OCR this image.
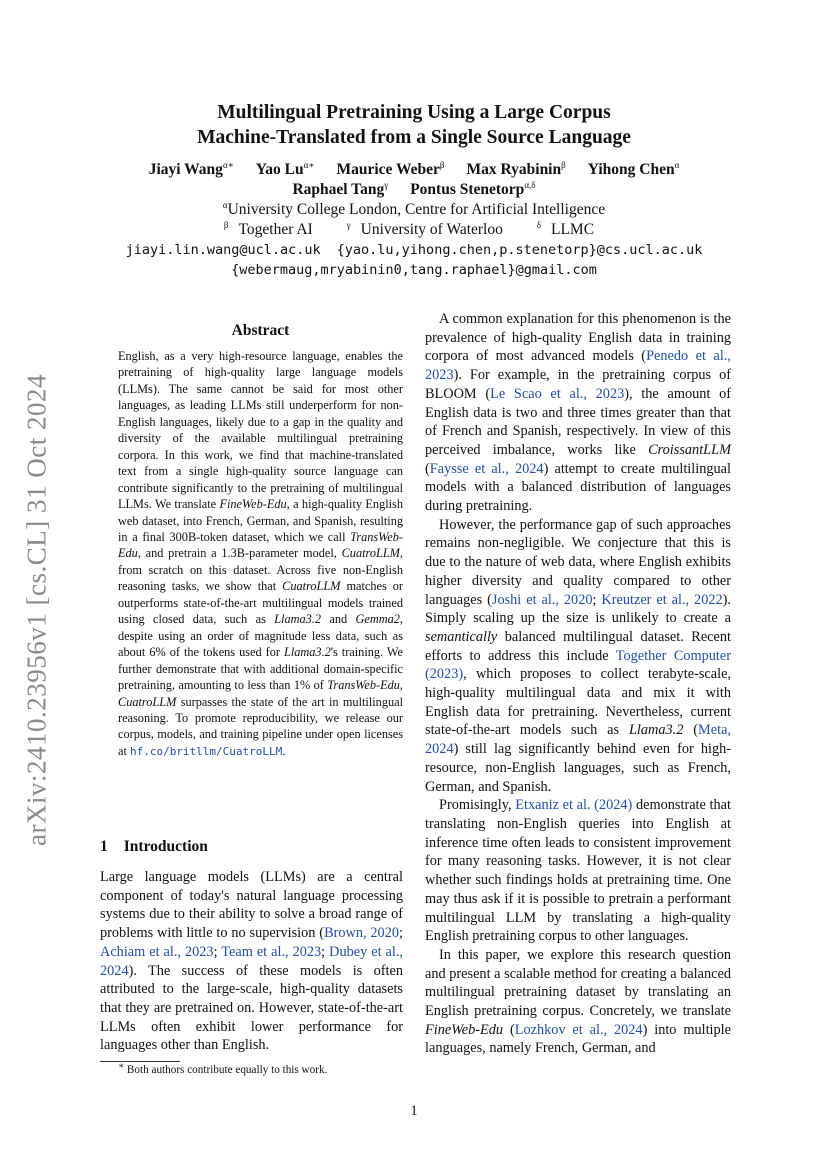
arXiv:2410.23956v1 [cs.CL] 31 Oct 2024
Multilingual Pretraining Using a Large Corpus
Machine-Translated from a Single Source Language
Jiayi Wang$^{\alpha∗}$ Yao $Lu^{\alpha∗}$ Maurice Weber$^\beta$ Max Ryabinin$^\beta$ Yihong Chen$^\alpha$
Raphael Tang$^\gamma$ Pontus Stenetorp$^{\alpha,\delta}$
$^\alpha$University College London, Centre for Artificial Intelligence
$^\beta$ Together AI	$^\gamma$ University of Waterloo	$^\delta$ LLMC
jiayi.lin.wang@ucl.ac.uk {yao.lu,yihong.chen,p.stenetorp}@cs.ucl.ac.uk
{webermaug,mryabinin0,tang.raphael}@gmail.com
Abstract

English, as a very high-resource language, enables the pretraining of high-quality large language models (LLMs). The same cannot be said for most other languages, as leading LLMs still underperform for non-English languages, likely due to a gap in the quality and diversity of the available multilingual pretraining corpora. In this work, we find that machine-translated text from a single high-quality source language can contribute significantly to the pretraining of multilingual LLMs. We translate FineWeb-Edu, a high-quality English web dataset, into French, German, and Spanish, resulting in a final 300B-token dataset, which we call TransWeb-Edu, and pretrain a 1.3B-parameter model, CuatroLLM, from scratch on this dataset. Across five non-English reasoning tasks, we show that CuatroLLM matches or outperforms state-of-the-art multilingual models trained using closed data, such as Llama3.2 and Gemma2, despite using an order of magnitude less data, such as about 6% of the tokens used for Llama3.2's training. We further demonstrate that with additional domain-specific pretraining, amounting to less than 1% of TransWeb-Edu, CuatroLLM surpasses the state of the art in multilingual reasoning. To promote reproducibility, we release our corpus, models, and training pipeline under open licenses at hf.co/britllm/CuatroLLM.

1 Introduction

Large language models (LLMs) are a central component of today's natural language processing systems due to their ability to solve a broad range of problems with little to no supervision (Brown, 2020; Achiam et al., 2023; Team et al., 2023; Dubey et al., 2024). The success of these models is often attributed to the large-scale, high-quality datasets that they are pretrained on. However, state-of-the-art LLMs often exhibit lower performance for languages other than English.

∗ Both authors contribute equally to this work.

A common explanation for this phenomenon is the prevalence of high-quality English data in training corpora of most advanced models (Penedo et al., 2023). For example, in the pretraining corpus of BLOOM (Le Scao et al., 2023), the amount of English data is two and three times greater than that of French and Spanish, respectively. In view of this perceived imbalance, works like CroissantLLM (Faysse et al., 2024) attempt to create multilingual models with a balanced distribution of languages during pretraining.

However, the performance gap of such approaches remains non-negligible. We conjecture that this is due to the nature of web data, where English exhibits higher diversity and quality compared to other languages (Joshi et al., 2020; Kreutzer et al., 2022). Simply scaling up the size is unlikely to create a semantically balanced multilingual dataset. Recent efforts to address this include Together Computer (2023), which proposes to collect terabyte-scale, high-quality multilingual data and mix it with English data for pretraining. Nevertheless, current state-of-the-art models such as Llama3.2 (Meta, 2024) still lag significantly behind even for high-resource, non-English languages, such as French, German, and Spanish.

Promisingly, Etxaniz et al. (2024) demonstrate that translating non-English queries into English at inference time often leads to consistent improvement for many reasoning tasks. However, it is not clear whether such findings holds at pretraining time. One may thus ask if it is possible to pretrain a performant multilingual LLM by translating a high-quality English pretraining corpus to other languages.

In this paper, we explore this research question and present a scalable method for creating a balanced multilingual pretraining dataset by translating an English pretraining corpus. Concretely, we translate FineWeb-Edu (Lozhkov et al., 2024) into multiple languages, namely French, German, and

1
